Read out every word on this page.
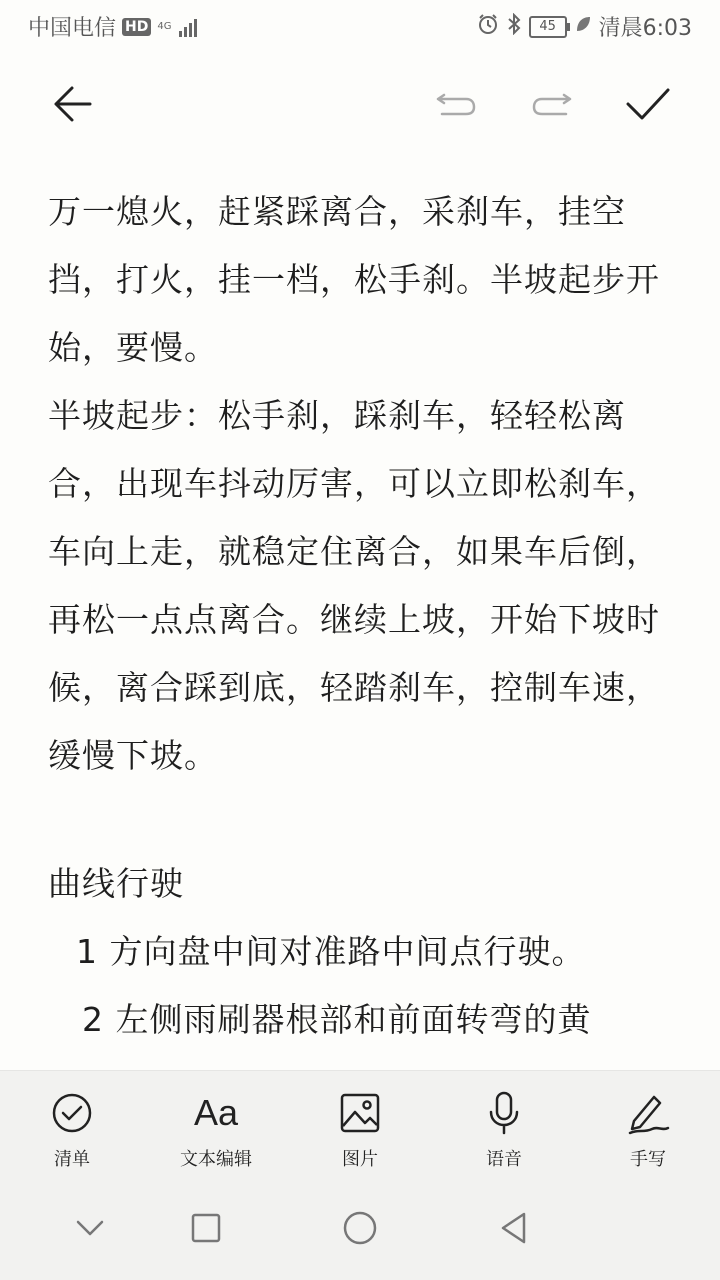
中国电信 HD 4G	45	清晨6:03

万一熄火，赶紧踩离合，采刹车，挂空挡，打火，挂一档，松手刹。半坡起步开始，要慢。

半坡起步：松手刹，踩刹车，轻轻松离合，出现车抖动厉害，可以立即松刹车，车向上走，就稳定住离合，如果车后倒，再松一点点离合。继续上坡，开始下坡时候，离合踩到底，轻踏刹车，控制车速，缓慢下坡。

曲线行驶

1 方向盘中间对准路中间点行驶。

2 左侧雨刷器根部和前面转弯的黄

清单
Aa
文本编辑	图片	语音	手写
